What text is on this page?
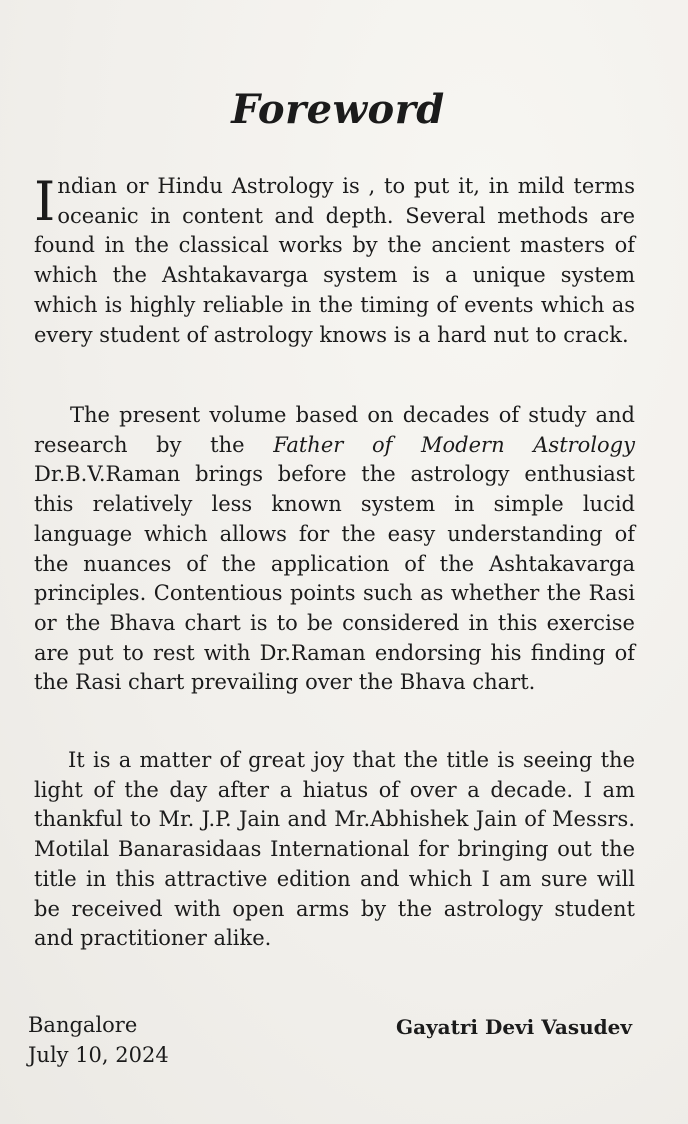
Foreword

Indian or Hindu Astrology is , to put it, in mild terms oceanic in content and depth. Several methods are found in the classical works by the ancient masters of which the Ashtakavarga system is a unique system which is highly reliable in the timing of events which as every student of astrology knows is a hard nut to crack.

The present volume based on decades of study and research by the Father of Modern Astrology Dr.B.V.Raman brings before the astrology enthusiast this relatively less known system in simple lucid language which allows for the easy understanding of the nuances of the application of the Ashtakavarga principles. Contentious points such as whether the Rasi or the Bhava chart is to be considered in this exercise are put to rest with Dr.Raman endorsing his finding of the Rasi chart prevailing over the Bhava chart.

It is a matter of great joy that the title is seeing the light of the day after a hiatus of over a decade. I am thankful to Mr. J.P. Jain and Mr.Abhishek Jain of Messrs. Motilal Banarasidaas International for bringing out the title in this attractive edition and which I am sure will be received with open arms by the astrology student and practitioner alike.

Bangalore
July 10, 2024
Gayatri Devi Vasudev
